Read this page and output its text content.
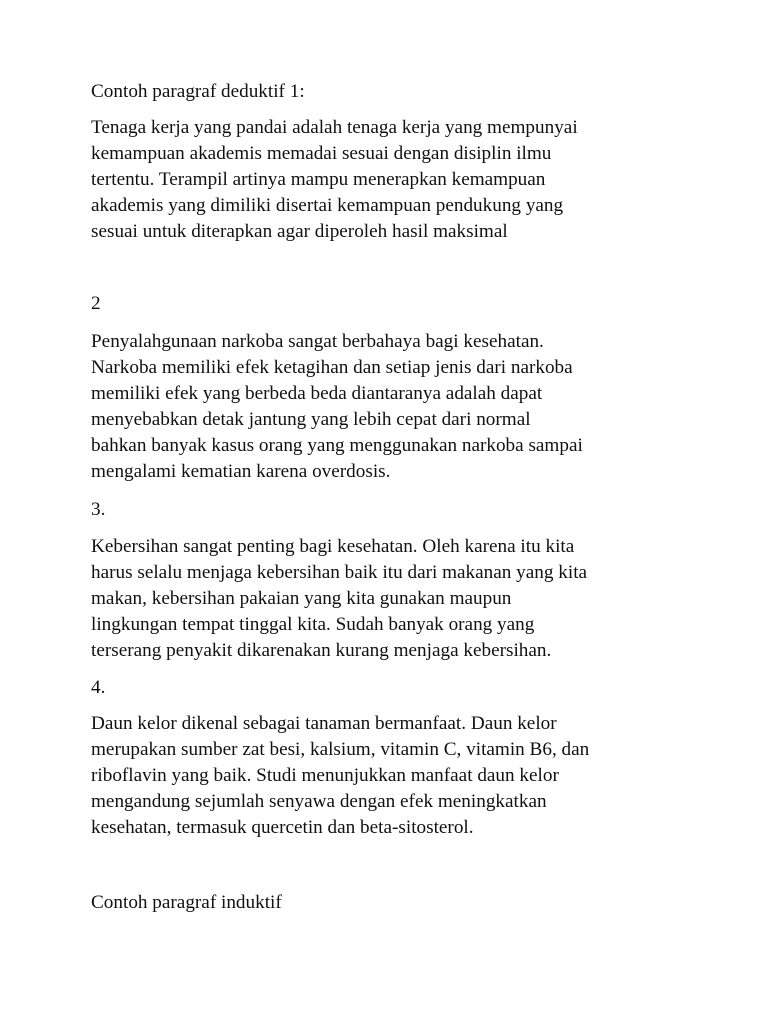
Contoh paragraf deduktif 1:

Tenaga kerja yang pandai adalah tenaga kerja yang mempunyai
kemampuan akademis memadai sesuai dengan disiplin ilmu
tertentu. Terampil artinya mampu menerapkan kemampuan
akademis yang dimiliki disertai kemampuan pendukung yang
sesuai untuk diterapkan agar diperoleh hasil maksimal

2

Penyalahgunaan narkoba sangat berbahaya bagi kesehatan.
Narkoba memiliki efek ketagihan dan setiap jenis dari narkoba
memiliki efek yang berbeda beda diantaranya adalah dapat
menyebabkan detak jantung yang lebih cepat dari normal
bahkan banyak kasus orang yang menggunakan narkoba sampai
mengalami kematian karena overdosis.

3.

Kebersihan sangat penting bagi kesehatan. Oleh karena itu kita
harus selalu menjaga kebersihan baik itu dari makanan yang kita
makan, kebersihan pakaian yang kita gunakan maupun
lingkungan tempat tinggal kita. Sudah banyak orang yang
terserang penyakit dikarenakan kurang menjaga kebersihan.

4.

Daun kelor dikenal sebagai tanaman bermanfaat. Daun kelor
merupakan sumber zat besi, kalsium, vitamin C, vitamin B6, dan
riboflavin yang baik. Studi menunjukkan manfaat daun kelor
mengandung sejumlah senyawa dengan efek meningkatkan
kesehatan, termasuk quercetin dan beta-sitosterol.

Contoh paragraf induktif
